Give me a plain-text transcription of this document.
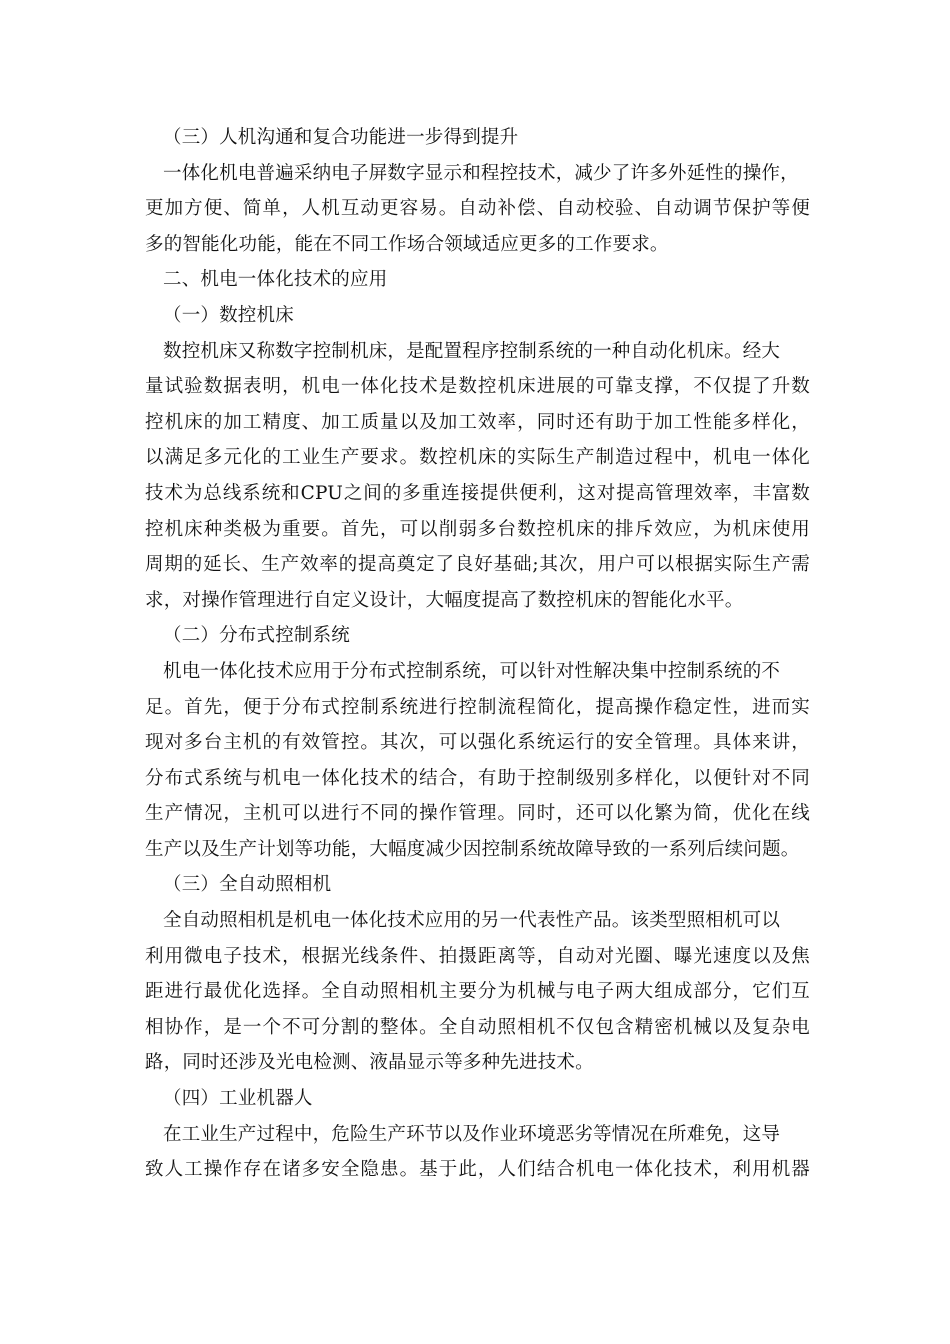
（三）人机沟通和复合功能进一步得到提升
一体化机电普遍采纳电子屏数字显示和程控技术，减少了许多外延性的操作，
更加方便、简单，人机互动更容易。自动补偿、自动校验、自动调节保护等便
多的智能化功能，能在不同工作场合领域适应更多的工作要求。
二、机电一体化技术的应用
（一）数控机床
数控机床又称数字控制机床，是配置程序控制系统的一种自动化机床。经大
量试验数据表明，机电一体化技术是数控机床进展的可靠支撑，不仅提了升数
控机床的加工精度、加工质量以及加工效率，同时还有助于加工性能多样化，
以满足多元化的工业生产要求。数控机床的实际生产制造过程中，机电一体化
技术为总线系统和CPU之间的多重连接提供便利，这对提高管理效率，丰富数
控机床种类极为重要。首先，可以削弱多台数控机床的排斥效应，为机床使用
周期的延长、生产效率的提高奠定了良好基础;其次，用户可以根据实际生产需
求，对操作管理进行自定义设计，大幅度提高了数控机床的智能化水平。
（二）分布式控制系统
机电一体化技术应用于分布式控制系统，可以针对性解决集中控制系统的不
足。首先，便于分布式控制系统进行控制流程简化，提高操作稳定性，进而实
现对多台主机的有效管控。其次，可以强化系统运行的安全管理。具体来讲，
分布式系统与机电一体化技术的结合，有助于控制级别多样化，以便针对不同
生产情况，主机可以进行不同的操作管理。同时，还可以化繁为简，优化在线
生产以及生产计划等功能，大幅度减少因控制系统故障导致的一系列后续问题。
（三）全自动照相机
全自动照相机是机电一体化技术应用的另一代表性产品。该类型照相机可以
利用微电子技术，根据光线条件、拍摄距离等，自动对光圈、曝光速度以及焦
距进行最优化选择。全自动照相机主要分为机械与电子两大组成部分，它们互
相协作，是一个不可分割的整体。全自动照相机不仅包含精密机械以及复杂电
路，同时还涉及光电检测、液晶显示等多种先进技术。
（四）工业机器人
在工业生产过程中，危险生产环节以及作业环境恶劣等情况在所难免，这导
致人工操作存在诸多安全隐患。基于此，人们结合机电一体化技术，利用机器
